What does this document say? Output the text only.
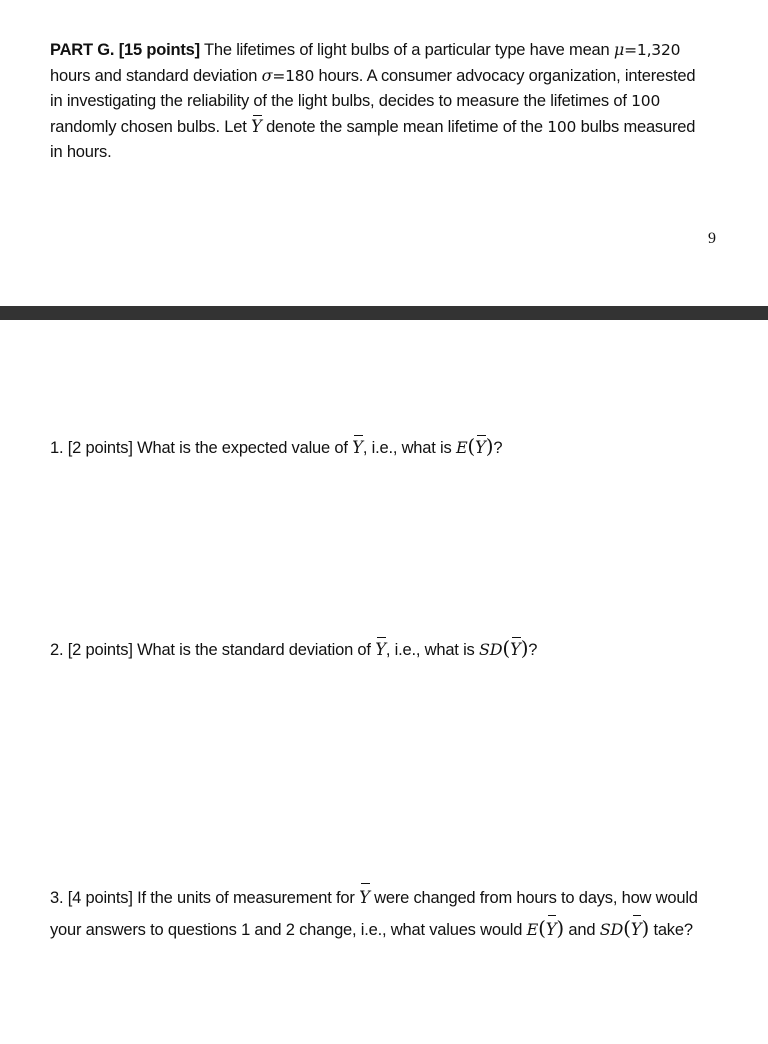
PART G. [15 points] The lifetimes of light bulbs of a particular type have mean μ=1,320 hours and standard deviation σ=180 hours. A consumer advocacy organization, interested in investigating the reliability of the light bulbs, decides to measure the lifetimes of 100 randomly chosen bulbs. Let Y denote the sample mean lifetime of the 100 bulbs measured in hours.
9
1. [2 points] What is the expected value of Y, i.e., what is E(Y)?
2. [2 points] What is the standard deviation of Y, i.e., what is SD(Y)?
3. [4 points] If the units of measurement for Y were changed from hours to days, how would your answers to questions 1 and 2 change, i.e., what values would E(Y) and SD(Y) take?
